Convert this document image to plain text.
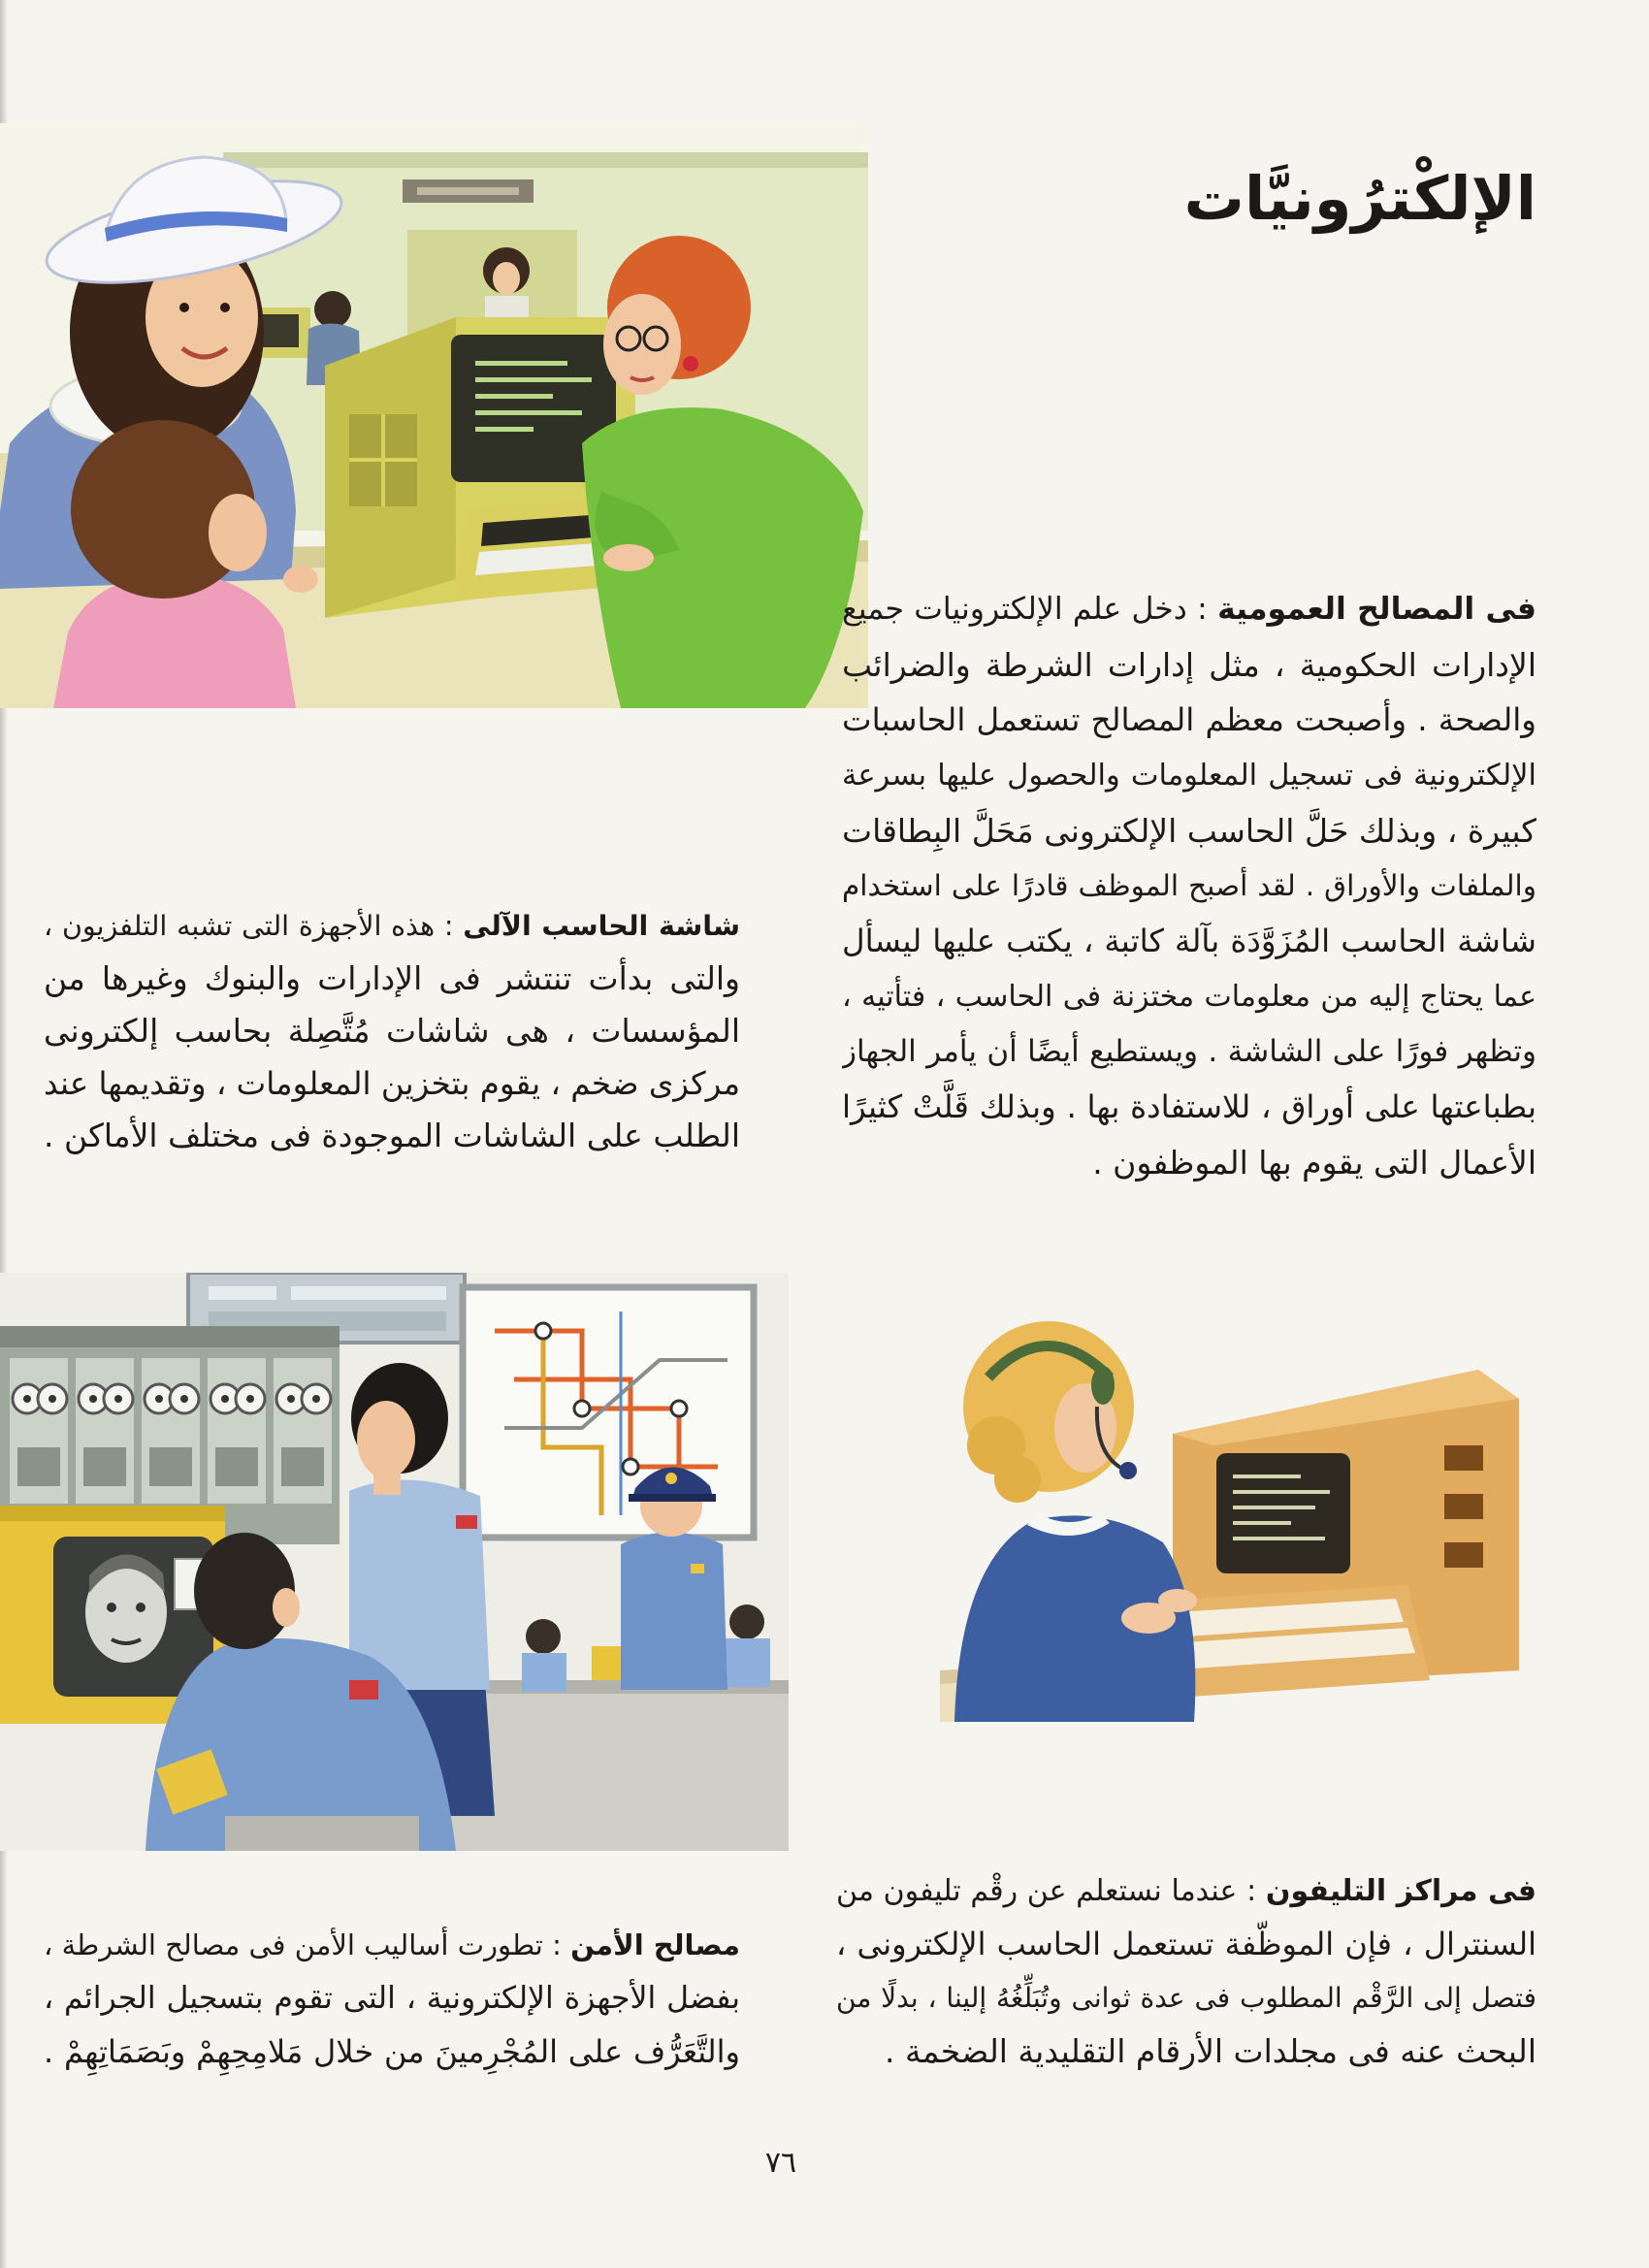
الإلكْترُونيَّات
فى المصالح العمومية : دخل علم الإلكترونيات جميع
الإدارات الحكومية ، مثل إدارات الشرطة والضرائب
والصحة . وأصبحت معظم المصالح تستعمل الحاسبات
الإلكترونية فى تسجيل المعلومات والحصول عليها بسرعة
كبيرة ، وبذلك حَلَّ الحاسب الإلكترونى مَحَلَّ البِطاقات
والملفات والأوراق . لقد أصبح الموظف قادرًا على استخدام
شاشة الحاسب المُزَوَّدَة بآلة كاتبة ، يكتب عليها ليسأل
عما يحتاج إليه من معلومات مختزنة فى الحاسب ، فتأتيه ،
وتظهر فورًا على الشاشة . ويستطيع أيضًا أن يأمر الجهاز
بطباعتها على أوراق ، للاستفادة بها . وبذلك قَلَّتْ كثيرًا
الأعمال التى يقوم بها الموظفون .
شاشة الحاسب الآلى : هذه الأجهزة التى تشبه التلفزيون ،
والتى بدأت تنتشر فى الإدارات والبنوك وغيرها من
المؤسسات ، هى شاشات مُتَّصِلة بحاسب إلكترونى
مركزى ضخم ، يقوم بتخزين المعلومات ، وتقديمها عند
الطلب على الشاشات الموجودة فى مختلف الأماكن .
فى مراكز التليفون : عندما نستعلم عن رقْم تليفون من
السنترال ، فإن الموظّفة تستعمل الحاسب الإلكترونى ،
فتصل إلى الرَّقْم المطلوب فى عدة ثوانى وتُبَلِّغُهُ إلينا ، بدلًا من
البحث عنه فى مجلدات الأرقام التقليدية الضخمة .
مصالح الأمن : تطورت أساليب الأمن فى مصالح الشرطة ،
بفضل الأجهزة الإلكترونية ، التى تقوم بتسجيل الجرائم ،
والتَّعَرُّف على المُجْرِمينَ من خلال مَلامِحِهِمْ وبَصَمَاتِهِمْ .
٧٦
